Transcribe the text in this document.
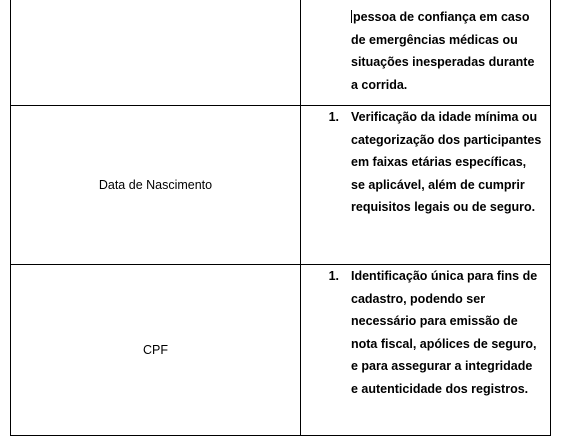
	pessoa de confiança em caso de emergências médicas ou situações inesperadas durante a corrida.

Data de Nascimento	1. Verificação da idade mínima ou categorização dos participantes em faixas etárias específicas, se aplicável, além de cumprir requisitos legais ou de seguro.

CPF	1. Identificação única para fins de cadastro, podendo ser necessário para emissão de nota fiscal, apólices de seguro, e para assegurar a integridade e autenticidade dos registros.
